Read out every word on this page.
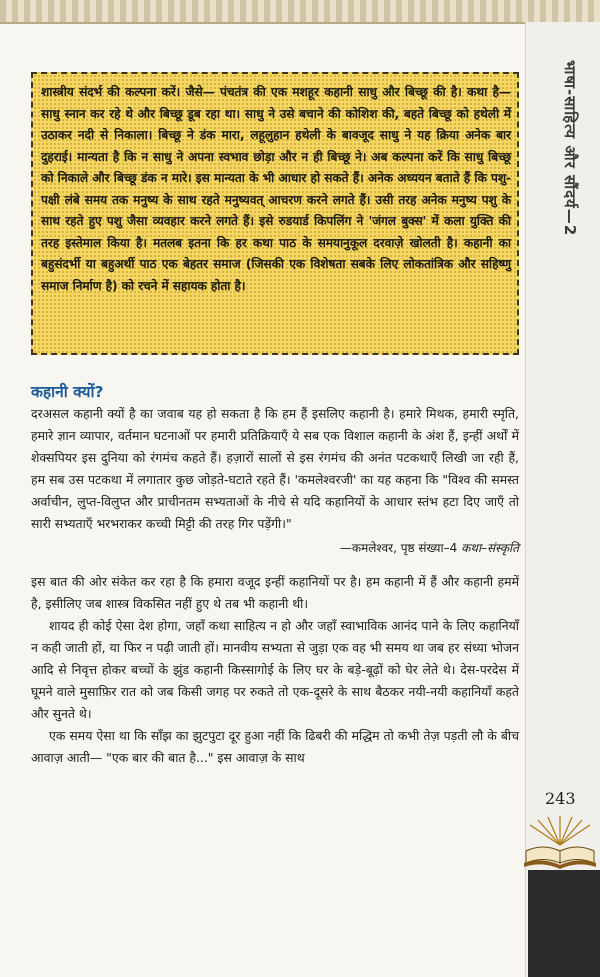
भाषा-साहित्य और सौंदर्य—2

शास्त्रीय संदर्भ की कल्पना करें। जैसे— पंचतंत्र की एक मशहूर कहानी साधु और बिच्छू की है। कथा है— साधु स्नान कर रहे थे और बिच्छू डूब रहा था। साधु ने उसे बचाने की कोशिश की, बहते बिच्छू को हथेली में उठाकर नदी से निकाला। बिच्छू ने डंक मारा, लहूलुहान हथेली के बावजूद साधु ने यह क्रिया अनेक बार दुहराई। मान्यता है कि न साधु ने अपना स्वभाव छोड़ा और न ही बिच्छू ने। अब कल्पना करें कि साधु बिच्छू को निकाले और बिच्छू डंक न मारे। इस मान्यता के भी आधार हो सकते हैं। अनेक अध्ययन बताते हैं कि पशु-पक्षी लंबे समय तक मनुष्य के साथ रहते मनुष्यवत् आचरण करने लगते हैं। उसी तरह अनेक मनुष्य पशु के साथ रहते हुए पशु जैसा व्यवहार करने लगते हैं। इसे रुडयार्ड किपलिंग ने 'जंगल बुक्स' में कला युक्ति की तरह इस्तेमाल किया है। मतलब इतना कि हर कथा पाठ के समयानुकूल दरवाज़े खोलती है। कहानी का बहुसंदर्भी या बहुअर्थी पाठ एक बेहतर समाज (जिसकी एक विशेषता सबके लिए लोकतांत्रिक और सहिष्णु समाज निर्माण है) को रचने में सहायक होता है।

कहानी क्यों?

दरअसल कहानी क्यों है का जवाब यह हो सकता है कि हम हैं इसलिए कहानी है। हमारे मिथक, हमारी स्मृति, हमारे ज्ञान व्यापार, वर्तमान घटनाओं पर हमारी प्रतिक्रियाएँ ये सब एक विशाल कहानी के अंश हैं, इन्हीं अर्थों में शेक्सपियर इस दुनिया को रंगमंच कहते हैं। हज़ारों सालों से इस रंगमंच की अनंत पटकथाएँ लिखी जा रही हैं, हम सब उस पटकथा में लगातार कुछ जोड़ते-घटाते रहते हैं। 'कमलेश्वरजी' का यह कहना कि "विश्व की समस्त अर्वाचीन, लुप्त-विलुप्त और प्राचीनतम सभ्यताओं के नीचे से यदि कहानियों के आधार स्तंभ हटा दिए जाएँ तो सारी सभ्यताएँ भरभराकर कच्ची मिट्टी की तरह गिर पड़ेंगी।"

—कमलेश्वर, पृष्ठ संख्या–4 कथा–संस्कृति

इस बात की ओर संकेत कर रहा है कि हमारा वजूद इन्हीं कहानियों पर है। हम कहानी में हैं और कहानी हममें है, इसीलिए जब शास्त्र विकसित नहीं हुए थे तब भी कहानी थी।

शायद ही कोई ऐसा देश होगा, जहाँ कथा साहित्य न हो और जहाँ स्वाभाविक आनंद पाने के लिए कहानियाँ न कही जाती हों, या फिर न पढ़ी जाती हों। मानवीय सभ्यता से जुड़ा एक वह भी समय था जब हर संध्या भोजन आदि से निवृत्त होकर बच्चों के झुंड कहानी किस्सागोई के लिए घर के बड़े-बूढ़ों को घेर लेते थे। देस-परदेस में घूमने वाले मुसाफ़िर रात को जब किसी जगह पर रुकते तो एक-दूसरे के साथ बैठकर नयी-नयी कहानियाँ कहते और सुनते थे।

एक समय ऐसा था कि साँझ का झुटपुटा दूर हुआ नहीं कि ढिबरी की मद्धिम तो कभी तेज़ पड़ती लौ के बीच आवाज़ आती— "एक बार की बात है..." इस आवाज़ के साथ

243
